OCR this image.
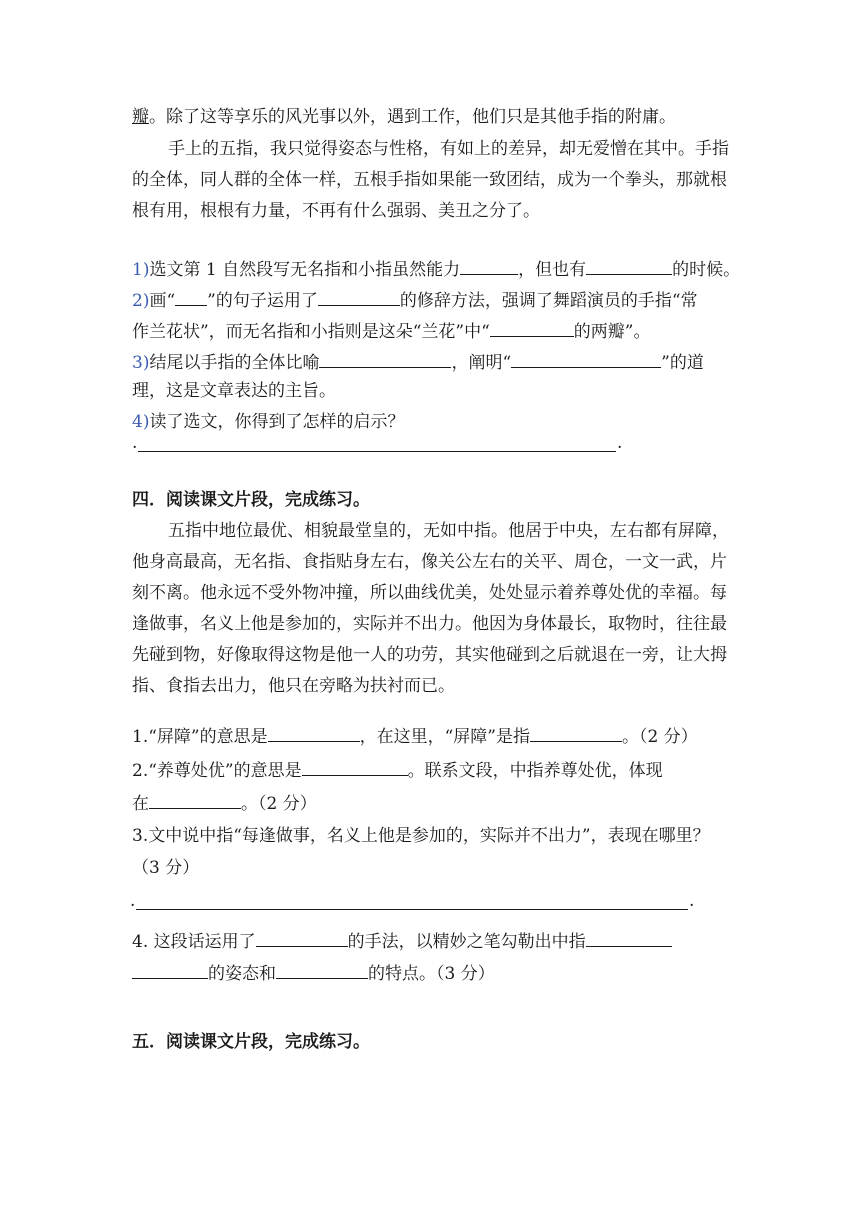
瓣。除了这等享乐的风光事以外，遇到工作，他们只是其他手指的附庸。
手上的五指，我只觉得姿态与性格，有如上的差异，却无爱憎在其中。手指
的全体，同人群的全体一样，五根手指如果能一致团结，成为一个拳头，那就根
根有用，根根有力量，不再有什么强弱、美丑之分了。
1)选文第 1 自然段写无名指和小指虽然能力	，但也有	的时候。
2)画“ ”的句子运用了	的修辞方法，强调了舞蹈演员的手指“常
作兰花状”，而无名指和小指则是这朵“兰花”中“	的两瓣”。
3)结尾以手指的全体比喻	，阐明“	”的道
理，这是文章表达的主旨。
4)读了选文，你得到了怎样的启示？
.	.
四．阅读课文片段，完成练习。
五指中地位最优、相貌最堂皇的，无如中指。他居于中央，左右都有屏障，
他身高最高，无名指、食指贴身左右，像关公左右的关平、周仓，一文一武，片
刻不离。他永远不受外物冲撞，所以曲线优美，处处显示着养尊处优的幸福。每
逢做事，名义上他是参加的，实际并不出力。他因为身体最长，取物时，往往最
先碰到物，好像取得这物是他一人的功劳，其实他碰到之后就退在一旁，让大拇
指、食指去出力，他只在旁略为扶衬而已。
1.“屏障”的意思是	，在这里，“屏障”是指	。（2 分）
2.“养尊处优”的意思是	。联系文段，中指养尊处优，体现
在	。（2 分）
3.文中说中指“每逢做事，名义上他是参加的，实际并不出力”，表现在哪里？
（3 分）
.	.
4. 这段话运用了	的手法，以精妙之笔勾勒出中指
的姿态和	的特点。（3 分）
五．阅读课文片段，完成练习。
